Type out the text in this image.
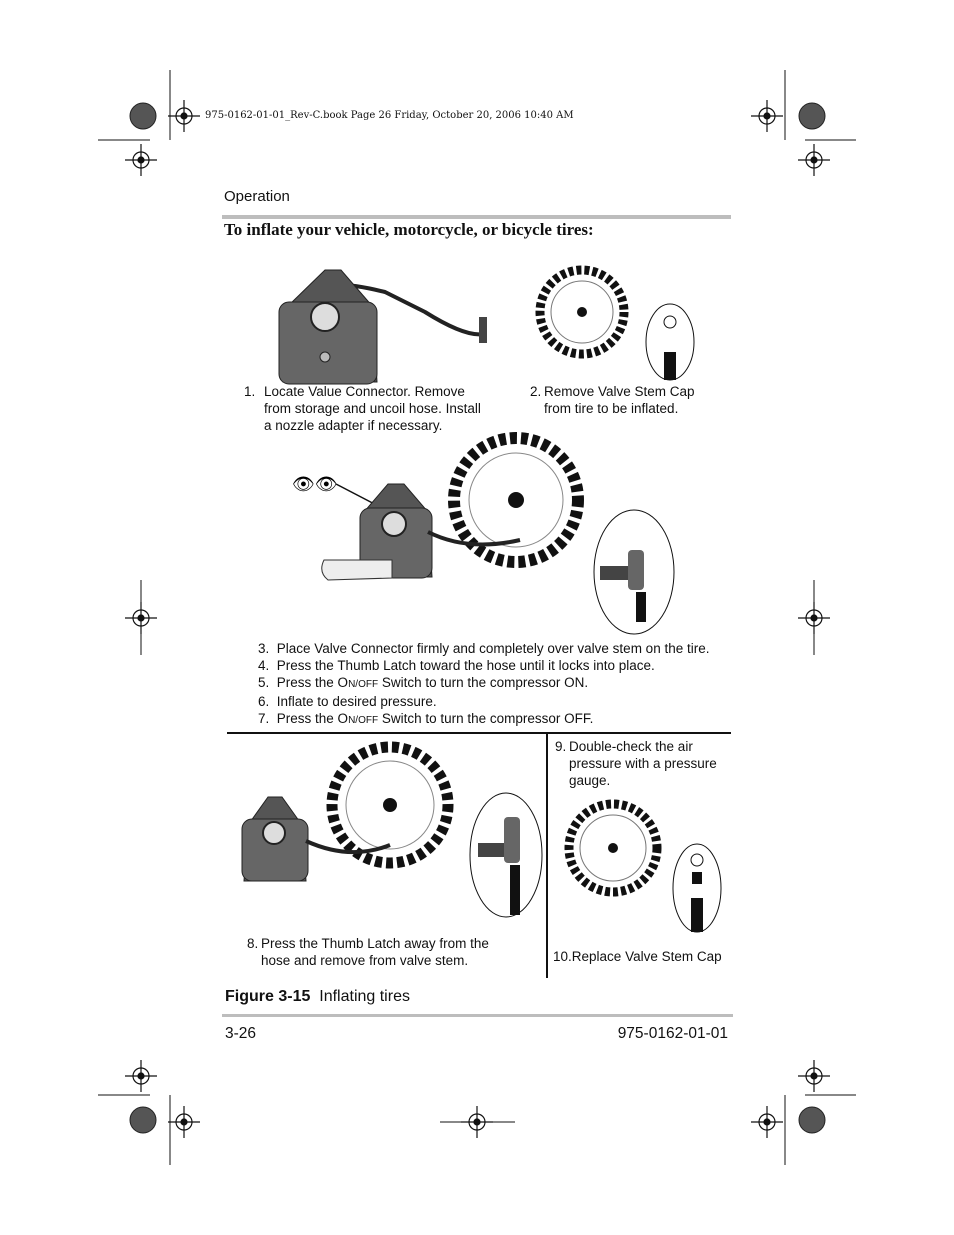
975-0162-01-01_Rev-C.book Page 26 Friday, October 20, 2006 10:40 AM
Operation
To inflate your vehicle, motorcycle, or bicycle tires:
1. Locate Value Connector. Remove
from storage and uncoil hose. Install
a nozzle adapter if necessary.
2. Remove Valve Stem Cap
from tire to be inflated.
👁👁
3. Place Valve Connector firmly and completely over valve stem on the tire.
4. Press the Thumb Latch toward the hose until it locks into place.
5. Press the ON/OFF Switch to turn the compressor ON.
6. Inflate to desired pressure.
7. Press the ON/OFF Switch to turn the compressor OFF.
8. Press the Thumb Latch away from the
hose and remove from valve stem.
9. Double-check the air
pressure with a pressure
gauge.
10.Replace Valve Stem Cap
Figure 3-15 Inflating tires
3-26	975-0162-01-01
